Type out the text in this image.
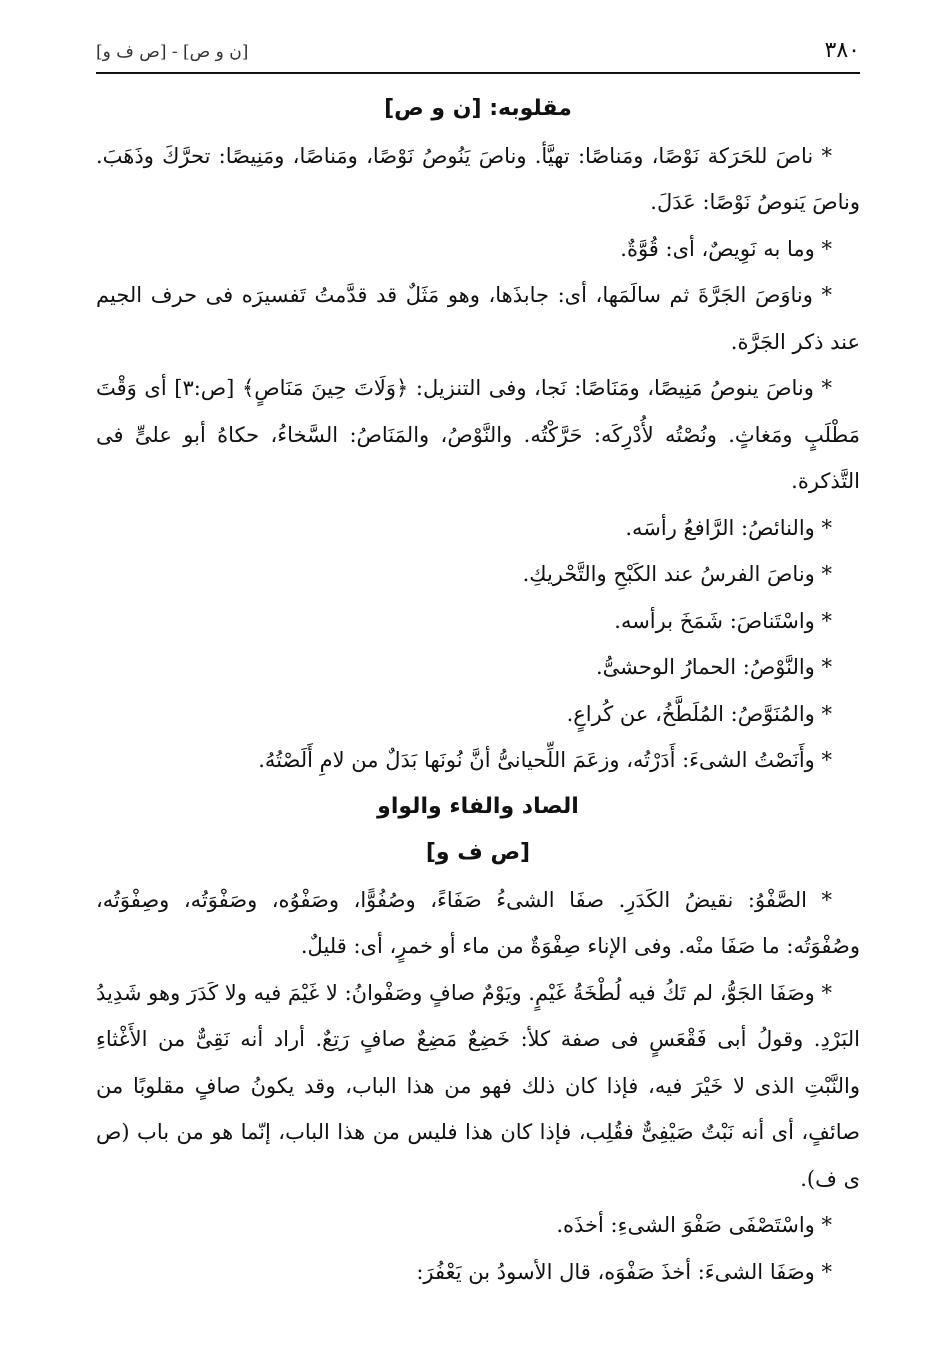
٣٨٠
[ن و ص] - [ص ف و]

مقلوبه: [ن و ص]

* ناصَ للحَرَكة نَوْصًا، ومَناصًا: تهيَّأ. وناصَ يَنُوصُ نَوْصًا، ومَناصًا، ومَنِيصًا: تحرَّكَ وذَهَبَ. وناصَ يَنوصُ نَوْصًا: عَدَلَ.

* وما به نَوِيصٌ، أى: قُوَّةٌ.

* وناوَصَ الجَرَّةَ ثم سالَمَها، أى: جابذَها، وهو مَثَلٌ قد قدَّمتُ تَفسيرَه فى حرف الجيم عند ذكر الجَرَّة.

* وناصَ ينوصُ مَنِيصًا، ومَنَاصًا: نَجا، وفى التنزيل: ﴿وَلَاتَ حِينَ مَنَاصٍ﴾ [ص:٣] أى وَقْتَ مَطْلَبٍ ومَغاثٍ. ونُصْتُه لأُدْرِكَه: حَرَّكْتُه. والنَّوْصُ، والمَنَاصُ: السَّخاءُ، حكاهُ أبو علىٍّ فى التَّذكرة.

* والنائصُ: الرَّافعُ رأسَه.

* وناصَ الفرسُ عند الكَبْحِ والتَّحْريكِ.

* واسْتَناصَ: شَمَخَ برأسه.

* والنَّوْصُ: الحمارُ الوحشىُّ.

* والمُنَوَّصُ: المُلَطَّخُ، عن كُراعٍ.

* وأَنَصْتُ الشىءَ: أَدَرْتُه، وزعَمَ اللِّحيانىُّ أنَّ نُونَها بَدَلٌ من لامِ أَلَصْتُهُ.

الصاد والفاء والواو

[ص ف و]

* الصَّفْوُ: نقيضُ الكَدَرِ. صفَا الشىءُ صَفَاءً، وصُفُوًّا، وصَفْوُه، وصَفْوَتُه، وصِفْوَتُه، وصُفْوَتُه: ما صَفَا منْه. وفى الإناء صِفْوَةٌ من ماء أو خمرٍ، أى: قليلٌ.

* وصَفَا الجَوُّ، لم تَكُ فيه لُطْخَةُ غَيْمٍ. ويَوْمٌ صافٍ وصَفْوانُ: لا غَيْمَ فيه ولا كَدَرَ وهو شَدِيدُ البَرْدِ. وقولُ أبى فَقْعَسٍ فى صفة كلأ: خَضِعٌ مَضِعٌ صافٍ رَتِعٌ. أراد أنه نَقِىٌّ من الأَغْثاءِ والنَّبْتِ الذى لا خَيْرَ فيه، فإذا كان ذلك فهو من هذا الباب، وقد يكونُ صافٍ مقلوبًا من صائفٍ، أى أنه نَبْتٌ صَيْفِىٌّ فقُلِب، فإذا كان هذا فليس من هذا الباب، إنّما هو من باب (ص ى ف).

* واسْتَصْفَى صَفْوَ الشىءِ: أخذَه.

* وصَفَا الشىءَ: أخذَ صَفْوَه، قال الأسودُ بن يَعْفُرَ:
